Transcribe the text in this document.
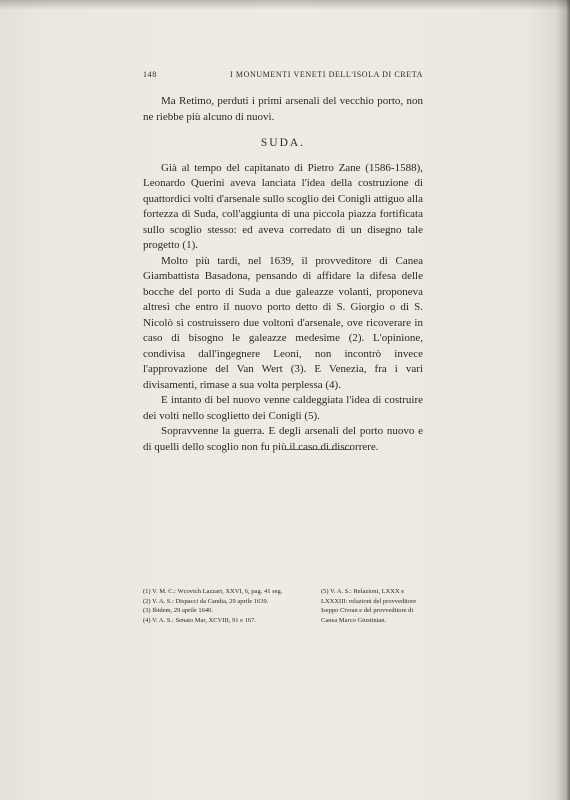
148	I MONUMENTI VENETI DELL'ISOLA DI CRETA

Ma Retimo, perduti i primi arsenali del vecchio porto, non ne riebbe più alcuno di nuovi.

SUDA.

Già al tempo del capitanato di Pietro Zane (1586-1588), Leonardo Querini aveva lanciata l'idea della costruzione di quattordici volti d'arsenale sullo scoglio dei Conigli attiguo alla fortezza di Suda, coll'aggiunta di una piccola piazza fortificata sullo scoglio stesso: ed aveva corredato di un disegno tale progetto (1).

Molto più tardi, nel 1639, il provveditore di Canea Giambattista Basadona, pensando di affidare la difesa delle bocche del porto di Suda a due galeazze volanti, proponeva altresì che entro il nuovo porto detto di S. Giorgio o di S. Nicolò si costruissero due voltoni d'arsenale, ove ricoverare in caso di bisogno le galeazze medesime (2). L'opinione, condivisa dall'ingegnere Leoni, non incontrò invece l'approvazione del Van Wert (3). E Venezia, fra i vari divisamenti, rimase a sua volta perplessa (4).

E intanto di bel nuovo venne caldeggiata l'idea di costruire dei volti nello scoglietto dei Conigli (5).

Sopravvenne la guerra. E degli arsenali del porto nuovo e di quelli dello scoglio non fu più il caso di discorrere.

(1) V. M. C.: Wcovich Lazzari, XXVI, 6, pag. 41 seg.
(2) V. A. S.: Dispacci da Candia, 29 aprile 1639.
(3) Ibidem, 29 aprile 1640.
(4) V. A. S.: Senato Mar, XCVIII, 91 e 167.
(5) V. A. S.: Relazioni, LXXX e LXXXIII: relazioni del provveditore Iseppo Civran e del provveditore di Canea Marco Giustinian.
